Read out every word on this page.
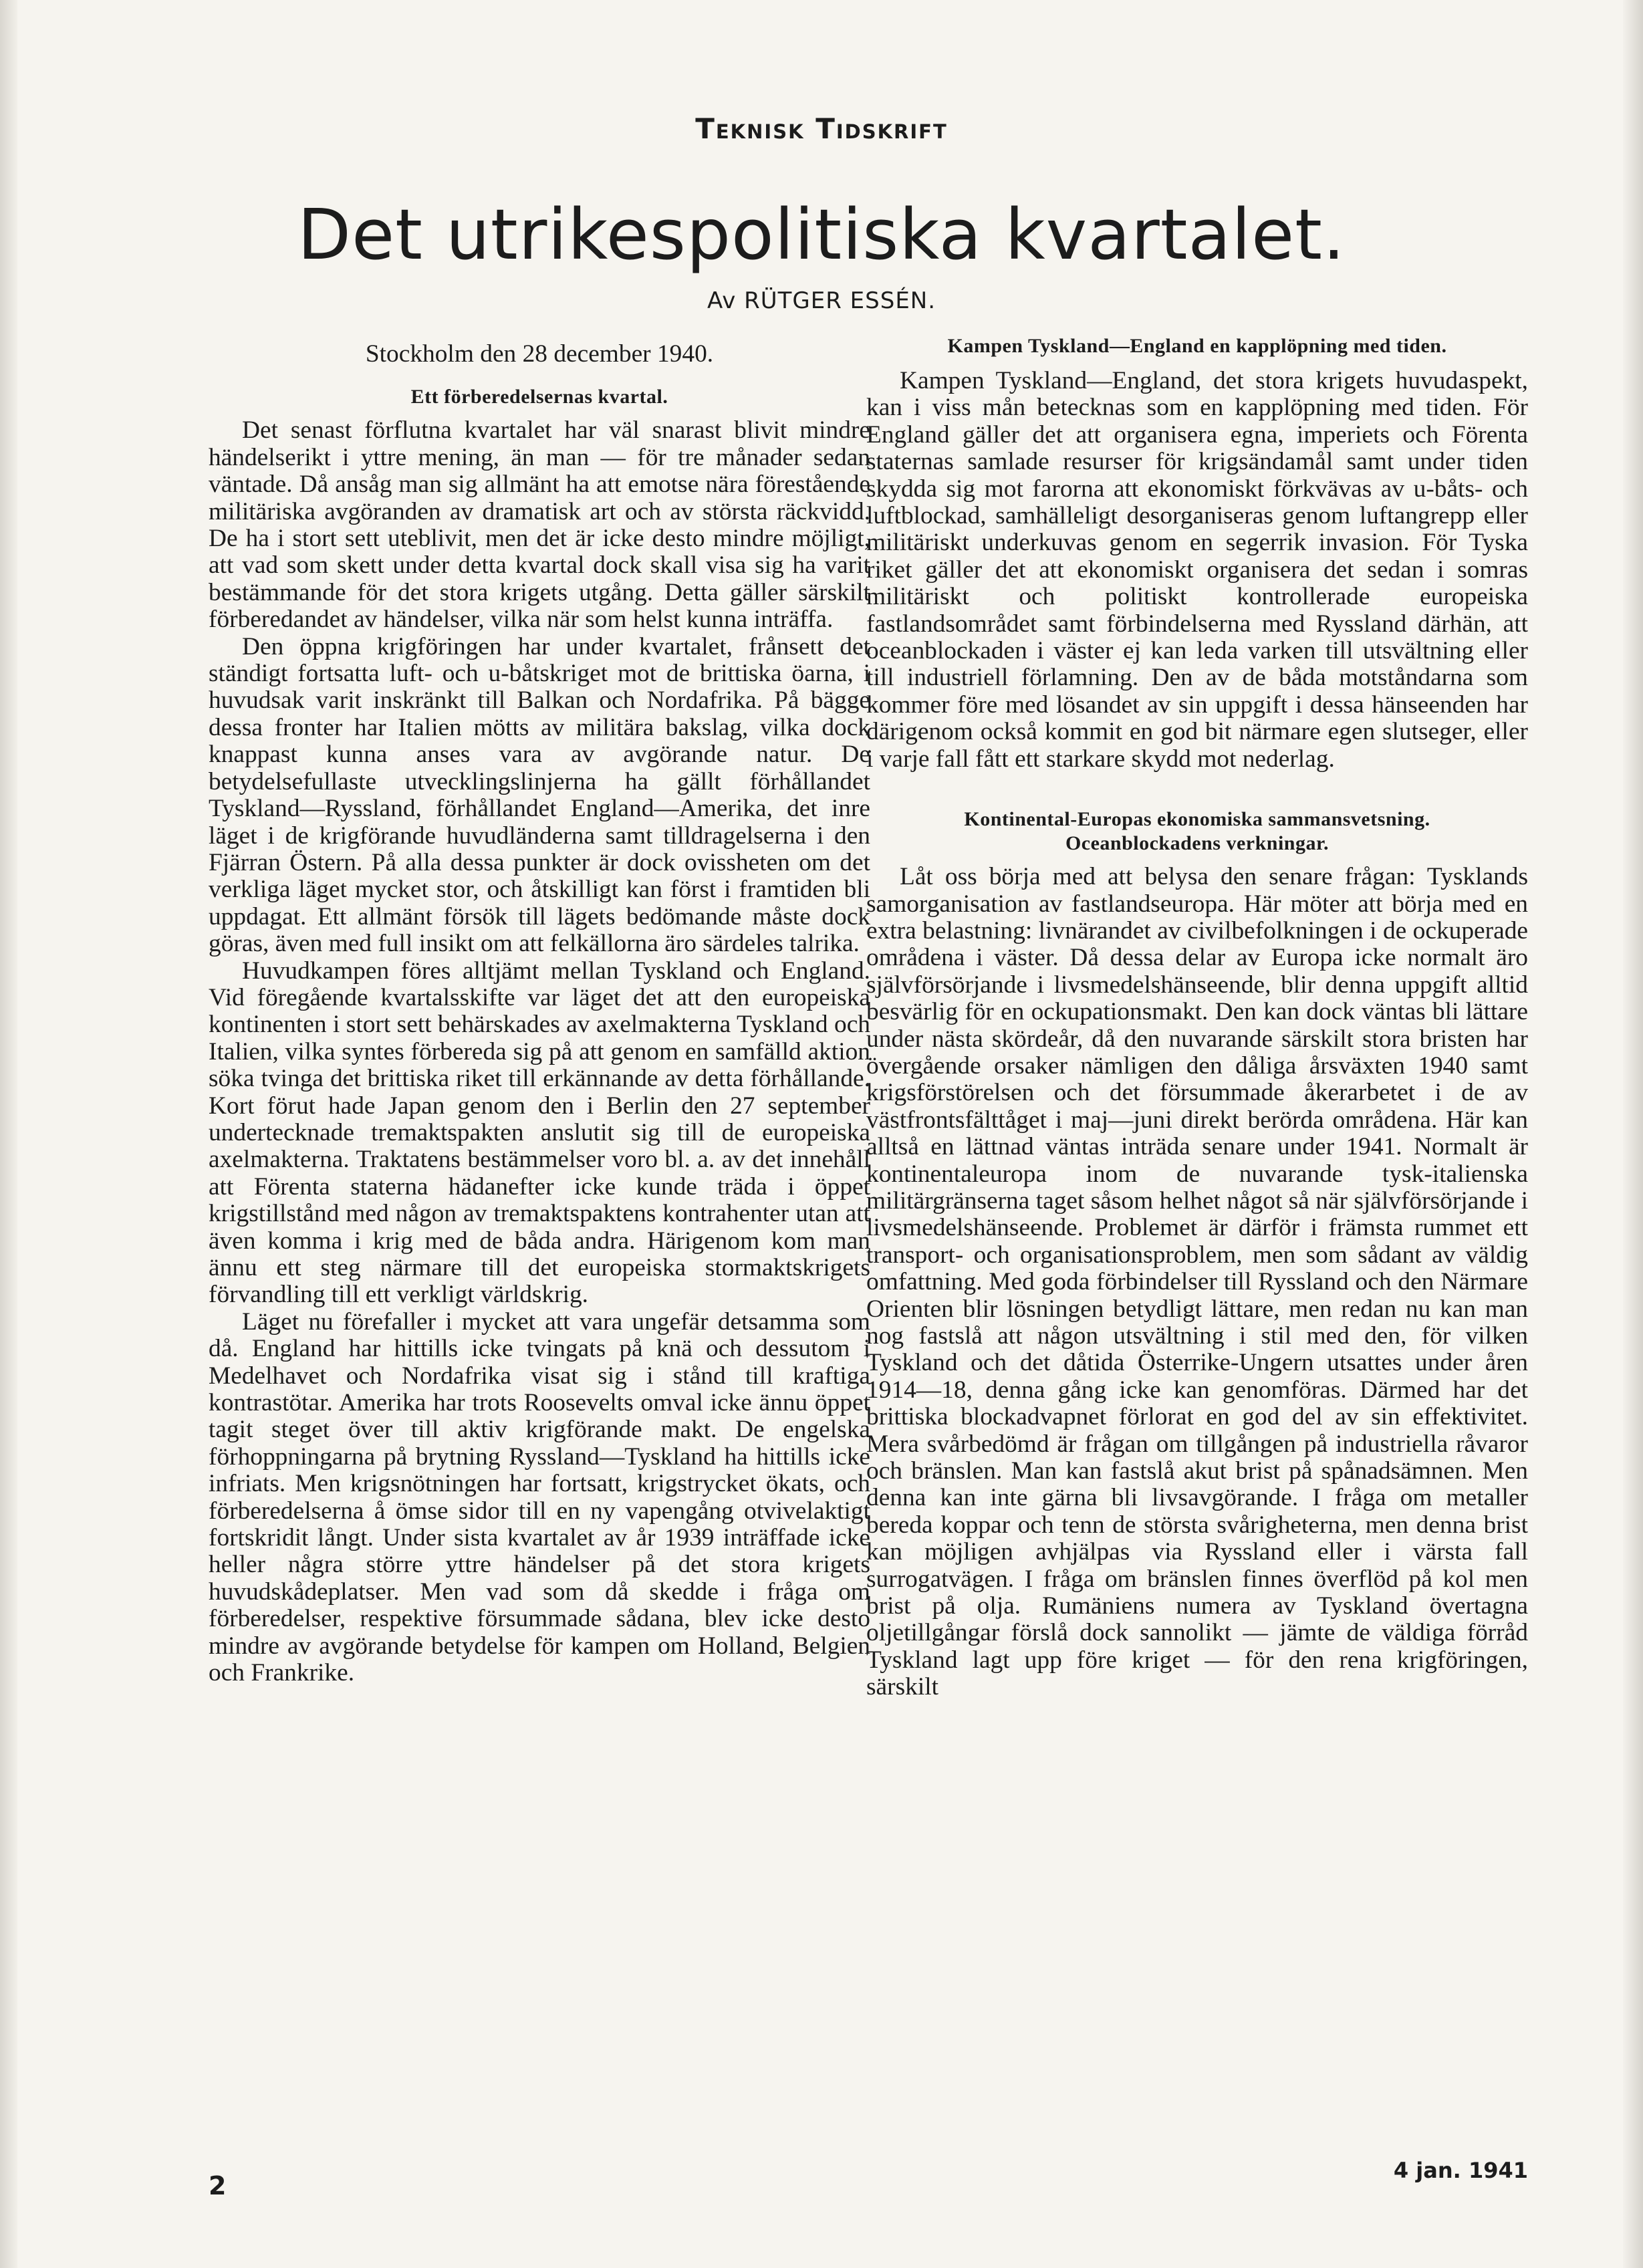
Teknisk Tidskrift
Det utrikespolitiska kvartalet.
Av RÜTGER ESSÉN.
Stockholm den 28 december 1940.
Ett förberedelsernas kvartal.

Det senast förflutna kvartalet har väl snarast blivit mindre händelserikt i yttre mening, än man — för tre månader sedan väntade. Då ansåg man sig allmänt ha att emotse nära förestående militäriska avgöranden av dramatisk art och av största räckvidd. De ha i stort sett uteblivit, men det är icke desto mindre möjligt, att vad som skett under detta kvartal dock skall visa sig ha varit bestämmande för det stora krigets utgång. Detta gäller särskilt förberedandet av händelser, vilka när som helst kunna inträffa.

Den öppna krigföringen har under kvartalet, frånsett det ständigt fortsatta luft- och u-båtskriget mot de brittiska öarna, i huvudsak varit inskränkt till Balkan och Nordafrika. På bägge dessa fronter har Italien mötts av militära bakslag, vilka dock knappast kunna anses vara av avgörande natur. De betydelsefullaste utvecklingslinjerna ha gällt förhållandet Tyskland—Ryssland, förhållandet England—Amerika, det inre läget i de krigförande huvudländerna samt tilldragelserna i den Fjärran Östern. På alla dessa punkter är dock ovissheten om det verkliga läget mycket stor, och åtskilligt kan först i framtiden bli uppdagat. Ett allmänt försök till lägets bedömande måste dock göras, även med full insikt om att felkällorna äro särdeles talrika.

Huvudkampen föres alltjämt mellan Tyskland och England. Vid föregående kvartalsskifte var läget det att den europeiska kontinenten i stort sett behärskades av axelmakterna Tyskland och Italien, vilka syntes förbereda sig på att genom en samfälld aktion söka tvinga det brittiska riket till erkännande av detta förhållande. Kort förut hade Japan genom den i Berlin den 27 september undertecknade tremaktspakten anslutit sig till de europeiska axelmakterna. Traktatens bestämmelser voro bl. a. av det innehåll att Förenta staterna hädanefter icke kunde träda i öppet krigstillstånd med någon av tremaktspaktens kontrahenter utan att även komma i krig med de båda andra. Härigenom kom man ännu ett steg närmare till det europeiska stormaktskrigets förvandling till ett verkligt världskrig.

Läget nu förefaller i mycket att vara ungefär detsamma som då. England har hittills icke tvingats på knä och dessutom i Medelhavet och Nordafrika visat sig i stånd till kraftiga kontrastötar. Amerika har trots Roosevelts omval icke ännu öppet tagit steget över till aktiv krigförande makt. De engelska förhoppningarna på brytning Ryssland—Tyskland ha hittills icke infriats. Men krigsnötningen har fortsatt, krigstrycket ökats, och förberedelserna å ömse sidor till en ny vapengång otvivelaktigt fortskridit långt. Under sista kvartalet av år 1939 inträffade icke heller några större yttre händelser på det stora krigets huvudskådeplatser. Men vad som då skedde i fråga om förberedelser, respektive försummade sådana, blev icke desto mindre av avgörande betydelse för kampen om Holland, Belgien och Frankrike.

Kampen Tyskland—England en kapplöpning med tiden.

Kampen Tyskland—England, det stora krigets huvudaspekt, kan i viss mån betecknas som en kapplöpning med tiden. För England gäller det att organisera egna, imperiets och Förenta staternas samlade resurser för krigsändamål samt under tiden skydda sig mot farorna att ekonomiskt förkvävas av u-båts- och luftblockad, samhälleligt desorganiseras genom luftangrepp eller militäriskt underkuvas genom en segerrik invasion. För Tyska riket gäller det att ekonomiskt organisera det sedan i somras militäriskt och politiskt kontrollerade europeiska fastlandsområdet samt förbindelserna med Ryssland därhän, att oceanblockaden i väster ej kan leda varken till utsvältning eller till industriell förlamning. Den av de båda motståndarna som kommer före med lösandet av sin uppgift i dessa hänseenden har därigenom också kommit en god bit närmare egen slutseger, eller i varje fall fått ett starkare skydd mot nederlag.

Kontinental-Europas ekonomiska sammansvetsning. Oceanblockadens verkningar.

Låt oss börja med att belysa den senare frågan: Tysklands samorganisation av fastlandseuropa. Här möter att börja med en extra belastning: livnärandet av civilbefolkningen i de ockuperade områdena i väster. Då dessa delar av Europa icke normalt äro självförsörjande i livsmedelshänseende, blir denna uppgift alltid besvärlig för en ockupationsmakt. Den kan dock väntas bli lättare under nästa skördeår, då den nuvarande särskilt stora bristen har övergående orsaker nämligen den dåliga årsväxten 1940 samt krigsförstörelsen och det försummade åkerarbetet i de av västfrontsfälttåget i maj—juni direkt berörda områdena. Här kan alltså en lättnad väntas inträda senare under 1941. Normalt är kontinentaleuropa inom de nuvarande tysk-italienska militärgränserna taget såsom helhet något så när självförsörjande i livsmedelshänseende. Problemet är därför i främsta rummet ett transport- och organisationsproblem, men som sådant av väldig omfattning. Med goda förbindelser till Ryssland och den Närmare Orienten blir lösningen betydligt lättare, men redan nu kan man nog fastslå att någon utsvältning i stil med den, för vilken Tyskland och det dåtida Österrike-Ungern utsattes under åren 1914—18, denna gång icke kan genomföras. Därmed har det brittiska blockadvapnet förlorat en god del av sin effektivitet. Mera svårbedömd är frågan om tillgången på industriella råvaror och bränslen. Man kan fastslå akut brist på spånadsämnen. Men denna kan inte gärna bli livsavgörande. I fråga om metaller bereda koppar och tenn de största svårigheterna, men denna brist kan möjligen avhjälpas via Ryssland eller i värsta fall surrogatvägen. I fråga om bränslen finnes överflöd på kol men brist på olja. Rumäniens numera av Tyskland övertagna oljetillgångar förslå dock sannolikt — jämte de väldiga förråd Tyskland lagt upp före kriget — för den rena krigföringen, särskilt

2
4 jan. 1941
